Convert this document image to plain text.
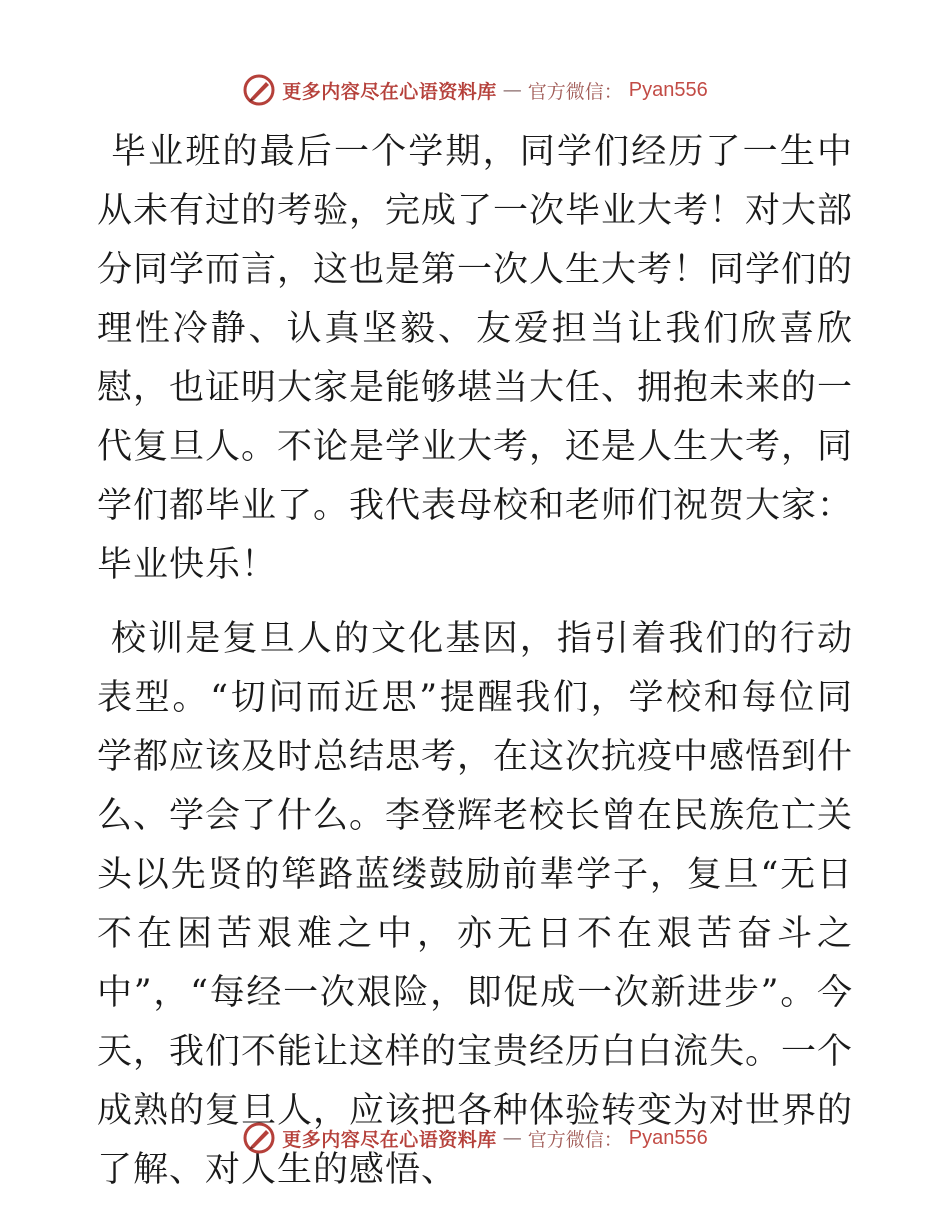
更多内容尽在心语资料库 — 官方微信： Pyan556

毕业班的最后一个学期，同学们经历了一生中从未有过的考验，完成了一次毕业大考！对大部分同学而言，这也是第一次人生大考！同学们的理性冷静、认真坚毅、友爱担当让我们欣喜欣慰，也证明大家是能够堪当大任、拥抱未来的一代复旦人。不论是学业大考，还是人生大考，同学们都毕业了。我代表母校和老师们祝贺大家：毕业快乐！

校训是复旦人的文化基因，指引着我们的行动表型。“切问而近思”提醒我们，学校和每位同学都应该及时总结思考，在这次抗疫中感悟到什么、学会了什么。李登辉老校长曾在民族危亡关头以先贤的筚路蓝缕鼓励前辈学子，复旦“无日不在困苦艰难之中，亦无日不在艰苦奋斗之中”，“每经一次艰险，即促成一次新进步”。今天，我们不能让这样的宝贵经历白白流失。一个成熟的复旦人，应该把各种体验转变为对世界的了解、对人生的感悟、

更多内容尽在心语资料库 — 官方微信： Pyan556
